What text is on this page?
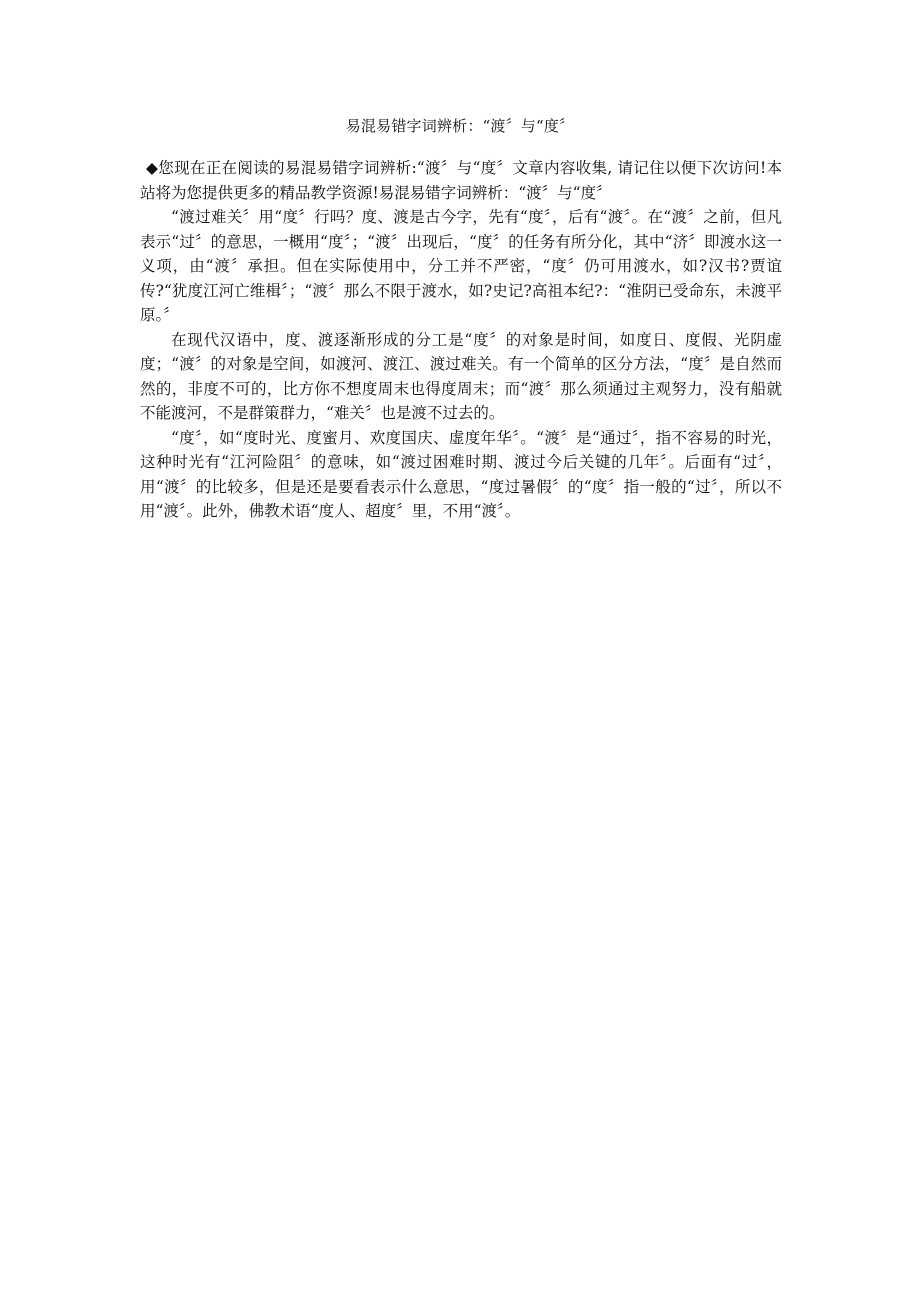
易混易错字词辨析：“渡〞与“度〞

◆您现在正在阅读的易混易错字词辨析:“渡〞与“度〞文章内容收集, 请记住以便下次访问!本站将为您提供更多的精品教学资源!易混易错字词辨析：“渡〞与“度〞

“渡过难关〞用“度〞行吗？度、渡是古今字，先有“度〞，后有“渡〞。在“渡〞之前，但凡表示“过〞的意思，一概用“度〞；“渡〞出现后，“度〞的任务有所分化，其中“济〞即渡水这一义项，由“渡〞承担。但在实际使用中，分工并不严密，“度〞仍可用渡水，如?汉书?贾谊传?“犹度江河亡维楫〞；“渡〞那么不限于渡水，如?史记?高祖本纪?：“淮阴已受命东，未渡平原。〞

在现代汉语中，度、渡逐渐形成的分工是“度〞的对象是时间，如度日、度假、光阴虚度；“渡〞的对象是空间，如渡河、渡江、渡过难关。有一个简单的区分方法，“度〞是自然而然的，非度不可的，比方你不想度周末也得度周末；而“渡〞那么须通过主观努力，没有船就不能渡河，不是群策群力，“难关〞也是渡不过去的。

“度〞，如“度时光、度蜜月、欢度国庆、虚度年华〞。“渡〞是“通过〞，指不容易的时光，这种时光有“江河险阻〞的意味，如“渡过困难时期、渡过今后关键的几年〞。后面有“过〞，用“渡〞的比较多，但是还是要看表示什么意思，“度过暑假〞的“度〞指一般的“过〞，所以不用“渡〞。此外，佛教术语“度人、超度〞里，不用“渡〞。
